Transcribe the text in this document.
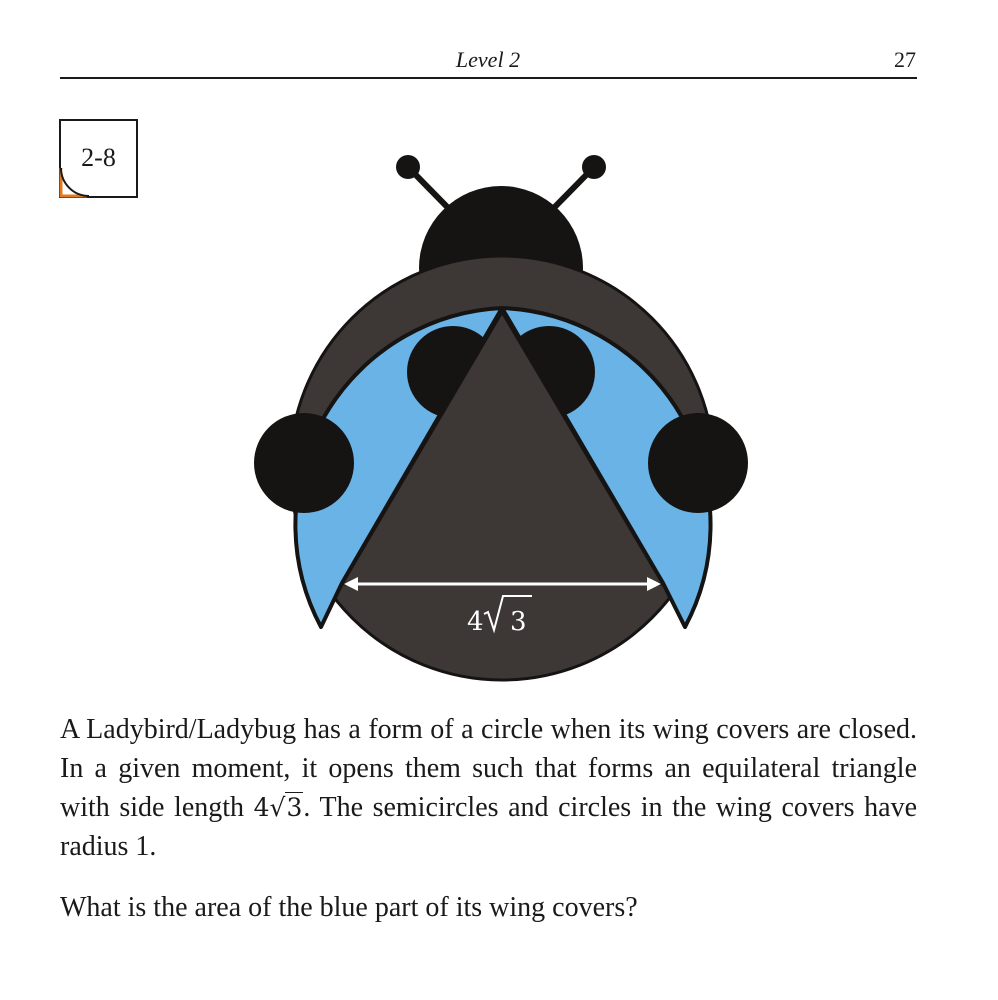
Level 2	27
2-8
4 3

A Ladybird/Ladybug has a form of a circle when its wing covers are closed. In a given moment, it opens them such that forms an equilateral triangle with side length 4√3. The semicircles and circles in the wing covers have radius 1.

What is the area of the blue part of its wing covers?
